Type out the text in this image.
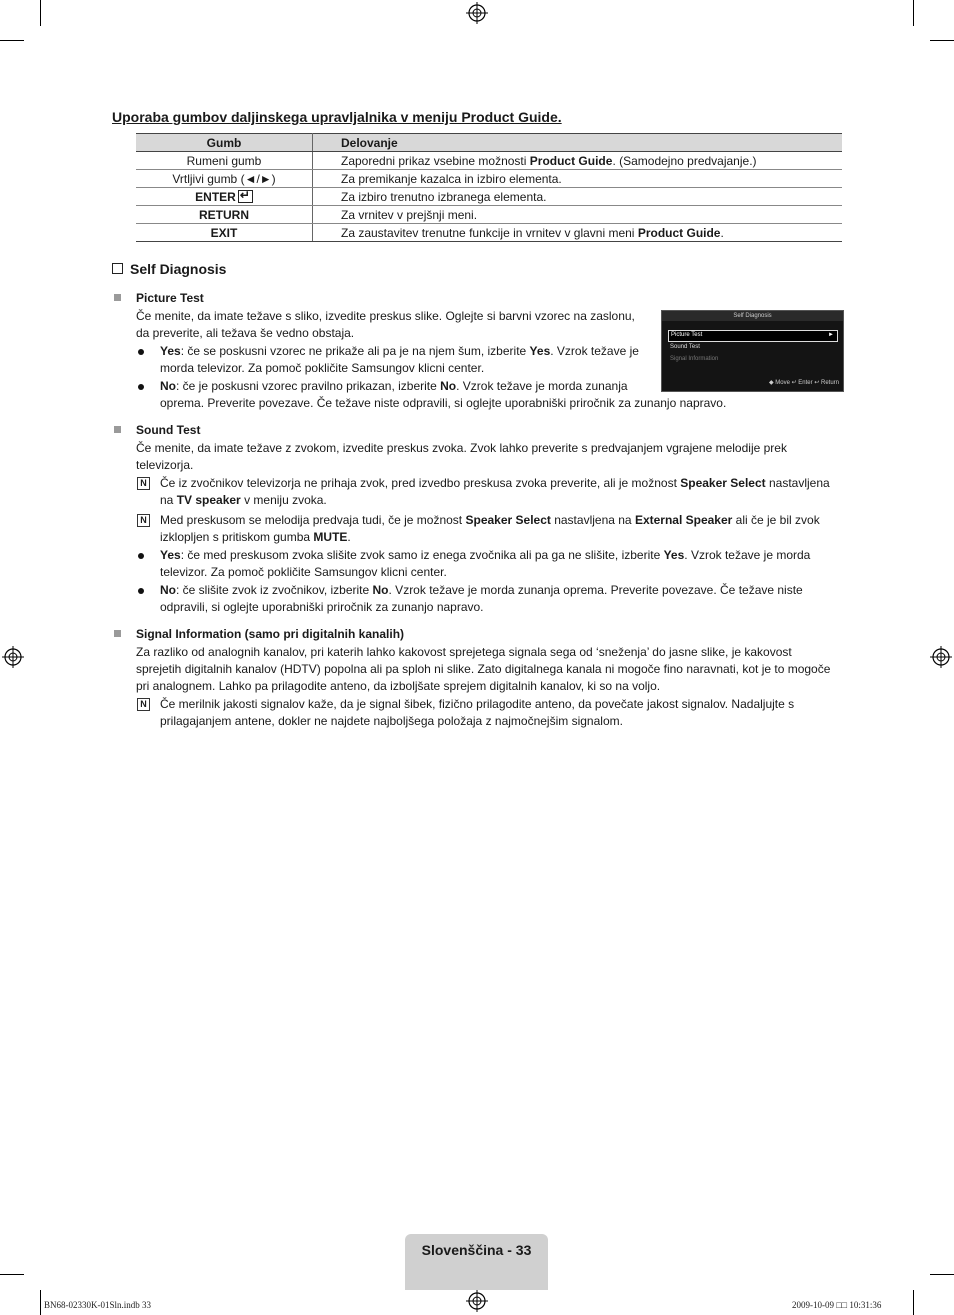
Uporaba gumbov daljinskega upravljalnika v meniju Product Guide.
Gumb	Delovanje
Rumeni gumb	Zaporedni prikaz vsebine možnosti Product Guide. (Samodejno predvajanje.)
Vrtljivi gumb (◄/►)	Za premikanje kazalca in izbiro elementa.
ENTER↵	Za izbiro trenutno izbranega elementa.
RETURN	Za vrnitev v prejšnji meni.
EXIT	Za zaustavitev trenutne funkcije in vrnitev v glavni meni Product Guide.
Self Diagnosis
Picture Test
Če menite, da imate težave s sliko, izvedite preskus slike. Oglejte si barvni vzorec na zaslonu,
da preverite, ali težava še vedno obstaja.
Yes: če se poskusni vzorec ne prikaže ali pa je na njem šum, izberite Yes. Vzrok težave je
morda televizor. Za pomoč pokličite Samsungov klicni center.
No: če je poskusni vzorec pravilno prikazan, izberite No. Vzrok težave je morda zunanja
oprema. Preverite povezave. Če težave niste odpravili, si oglejte uporabniški priročnik za zunanjo napravo.
Self Diagnosis
Picture Test	►
Sound Test
Signal Information
◆ Move ↵ Enter ↩ Return
Sound Test
Če menite, da imate težave z zvokom, izvedite preskus zvoka. Zvok lahko preverite s predvajanjem vgrajene melodije prek
televizorja.
N Če iz zvočnikov televizorja ne prihaja zvok, pred izvedbo preskusa zvoka preverite, ali je možnost Speaker Select nastavljena
na TV speaker v meniju zvoka.
N Med preskusom se melodija predvaja tudi, če je možnost Speaker Select nastavljena na External Speaker ali če je bil zvok
izklopljen s pritiskom gumba MUTE.
Yes: če med preskusom zvoka slišite zvok samo iz enega zvočnika ali pa ga ne slišite, izberite Yes. Vzrok težave je morda
televizor. Za pomoč pokličite Samsungov klicni center.
No: če slišite zvok iz zvočnikov, izberite No. Vzrok težave je morda zunanja oprema. Preverite povezave. Če težave niste
odpravili, si oglejte uporabniški priročnik za zunanjo napravo.
Signal Information (samo pri digitalnih kanalih)
Za razliko od analognih kanalov, pri katerih lahko kakovost sprejetega signala sega od ‘sneženja’ do jasne slike, je kakovost
sprejetih digitalnih kanalov (HDTV) popolna ali pa sploh ni slike. Zato digitalnega kanala ni mogoče fino naravnati, kot je to mogoče
pri analognem. Lahko pa prilagodite anteno, da izboljšate sprejem digitalnih kanalov, ki so na voljo.
N Če merilnik jakosti signalov kaže, da je signal šibek, fizično prilagodite anteno, da povečate jakost signalov. Nadaljujte s
prilagajanjem antene, dokler ne najdete najboljšega položaja z najmočnejšim signalom.
Slovenščina - 33
BN68-02330K-01Sln.indb 33	2009-10-09 □□ 10:31:36
